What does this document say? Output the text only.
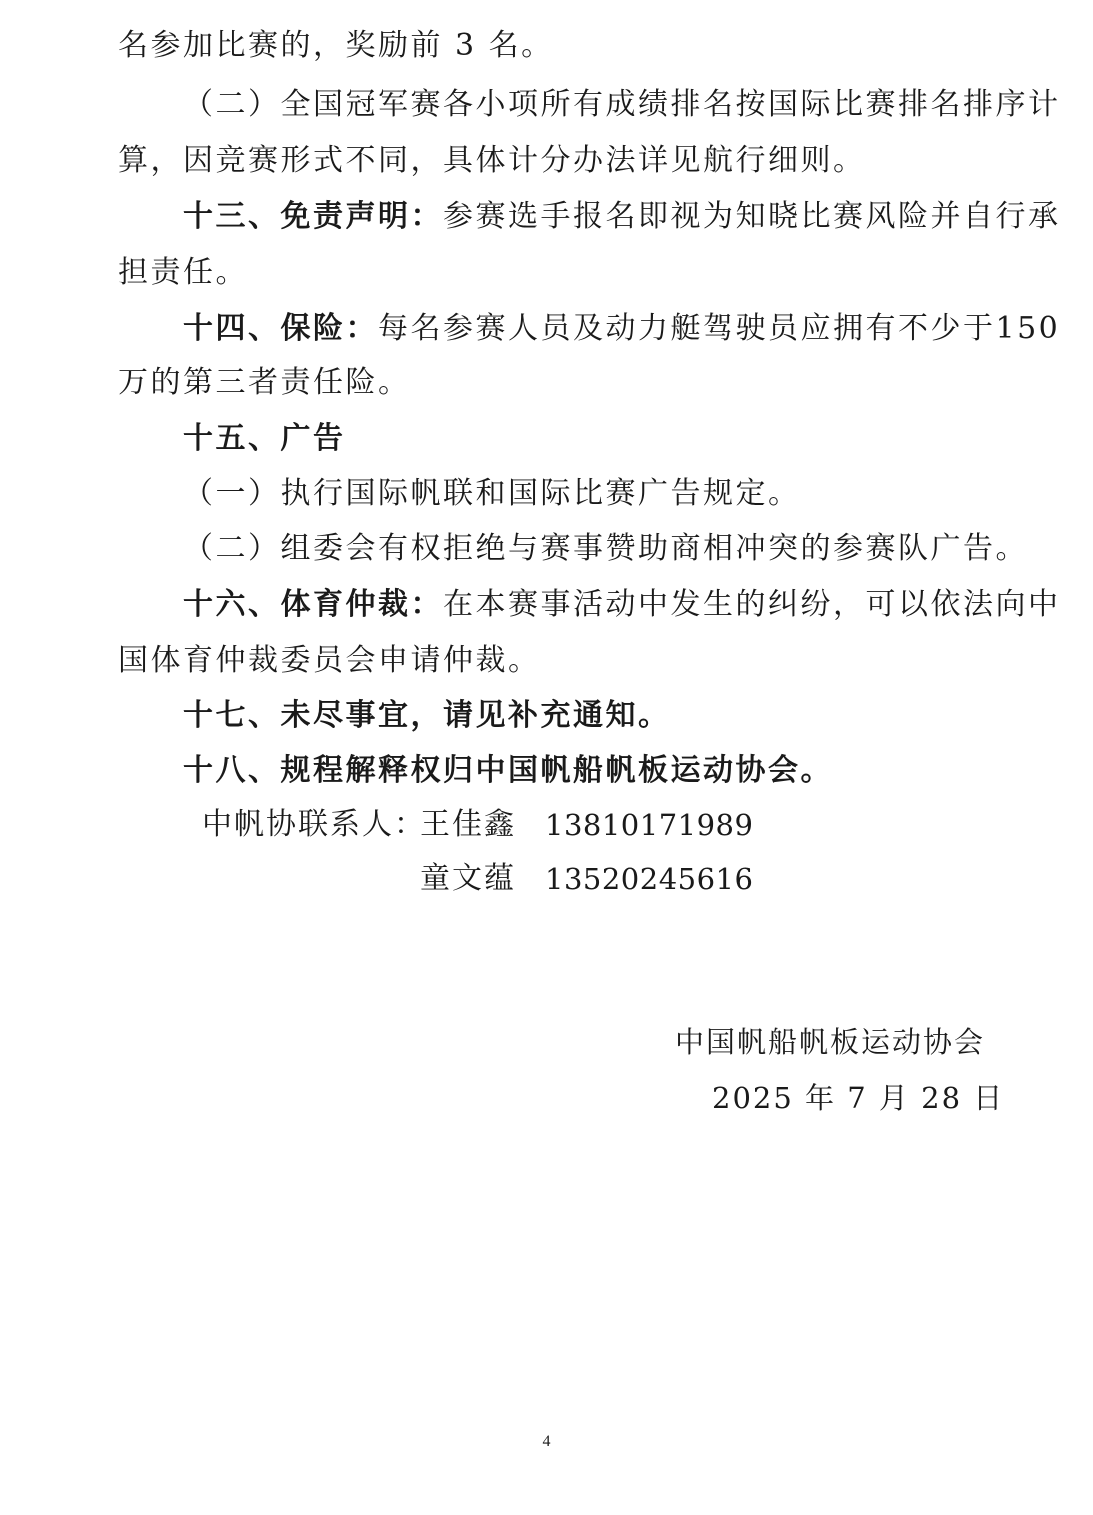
名参加比赛的，奖励前 3 名。
（二）全国冠军赛各小项所有成绩排名按国际比赛排名排序计
算，因竞赛形式不同，具体计分办法详见航行细则。
十三、免责声明：参赛选手报名即视为知晓比赛风险并自行承
担责任。
十四、保险：每名参赛人员及动力艇驾驶员应拥有不少于150
万的第三者责任险。
十五、广告
（一）执行国际帆联和国际比赛广告规定。
（二）组委会有权拒绝与赛事赞助商相冲突的参赛队广告。
十六、体育仲裁：在本赛事活动中发生的纠纷，可以依法向中
国体育仲裁委员会申请仲裁。
十七、未尽事宜，请见补充通知。
十八、规程解释权归中国帆船帆板运动协会。
中帆协联系人：
王佳鑫 13810171989
童文蕴 13520245616
中国帆船帆板运动协会
2025 年 7 月 28 日
4
